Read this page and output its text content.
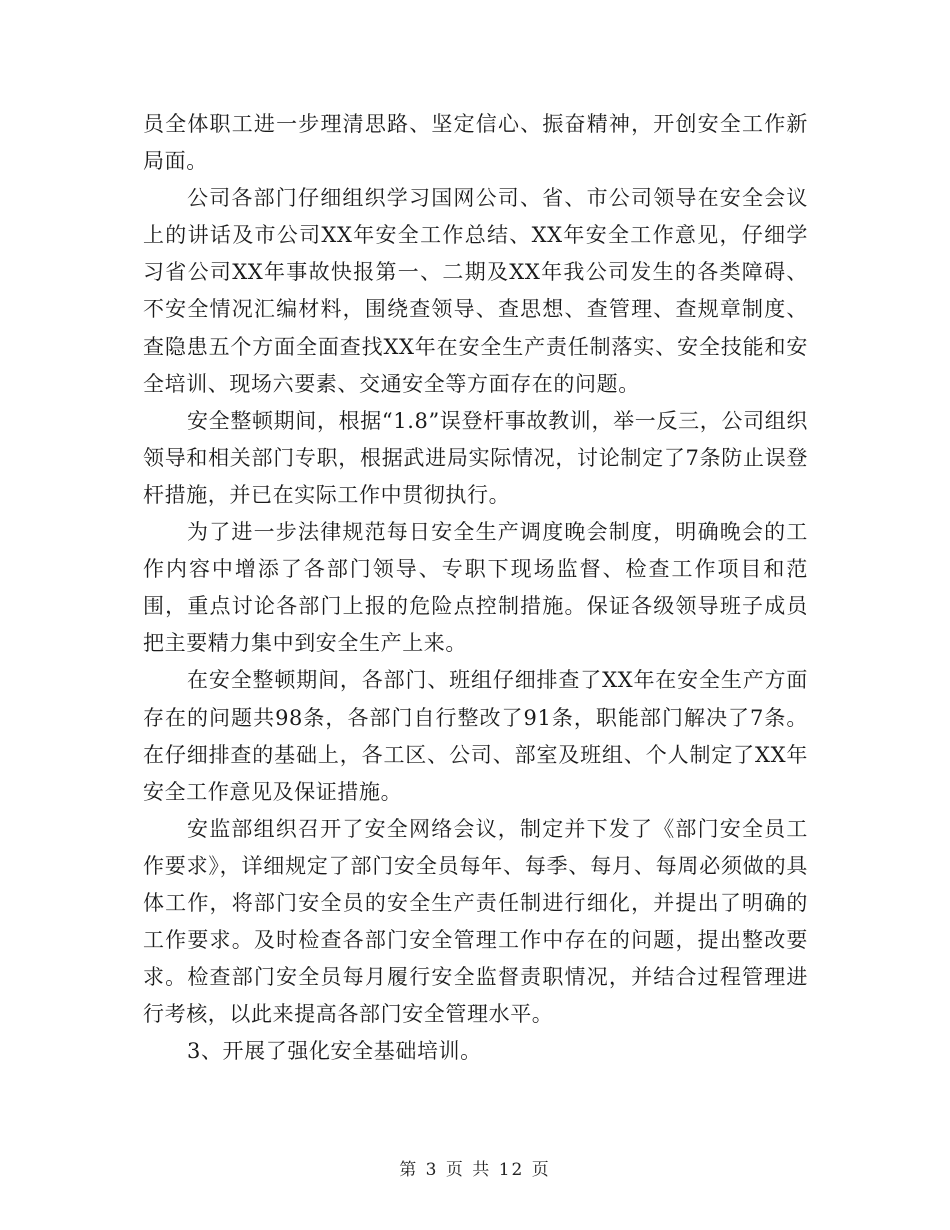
员全体职工进一步理清思路、坚定信心、振奋精神，开创安全工作新局面。

公司各部门仔细组织学习国网公司、省、市公司领导在安全会议上的讲话及市公司XX年安全工作总结、XX年安全工作意见，仔细学习省公司XX年事故快报第一、二期及XX年我公司发生的各类障碍、不安全情况汇编材料，围绕查领导、查思想、查管理、查规章制度、查隐患五个方面全面查找XX年在安全生产责任制落实、安全技能和安全培训、现场六要素、交通安全等方面存在的问题。

安全整顿期间，根据“1.8”误登杆事故教训，举一反三，公司组织领导和相关部门专职，根据武进局实际情况，讨论制定了7条防止误登杆措施，并已在实际工作中贯彻执行。

为了进一步法律规范每日安全生产调度晚会制度，明确晚会的工作内容中增添了各部门领导、专职下现场监督、检查工作项目和范围，重点讨论各部门上报的危险点控制措施。保证各级领导班子成员把主要精力集中到安全生产上来。

在安全整顿期间，各部门、班组仔细排查了XX年在安全生产方面存在的问题共98条，各部门自行整改了91条，职能部门解决了7条。在仔细排查的基础上，各工区、公司、部室及班组、个人制定了XX年安全工作意见及保证措施。

安监部组织召开了安全网络会议，制定并下发了《部门安全员工作要求》，详细规定了部门安全员每年、每季、每月、每周必须做的具体工作，将部门安全员的安全生产责任制进行细化，并提出了明确的工作要求。及时检查各部门安全管理工作中存在的问题，提出整改要求。检查部门安全员每月履行安全监督责职情况，并结合过程管理进行考核，以此来提高各部门安全管理水平。

3、开展了强化安全基础培训。

第 3 页 共 12 页
